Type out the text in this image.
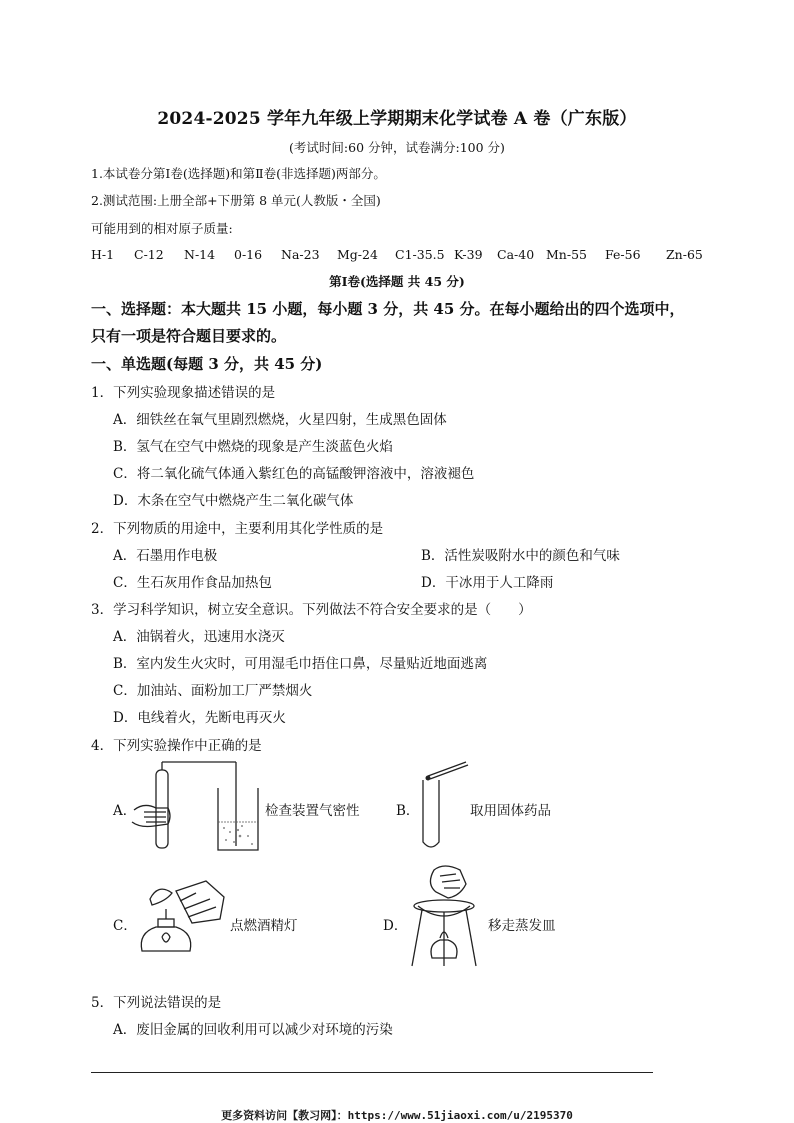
2024-2025 学年九年级上学期期末化学试卷 A 卷（广东版）
(考试时间:60 分钟，试卷满分:100 分)
1.本试卷分第Ⅰ卷(选择题)和第Ⅱ卷(非选择题)两部分。
2.测试范围:上册全部+下册第 8 单元(人教版・全国)
可能用到的相对原子质量:
H-1 C-12 N-14 0-16 Na-23 Mg-24 C1-35.5 K-39 Ca-40 Mn-55 Fe-56 Zn-65
第Ⅰ卷(选择题 共 45 分)
一、选择题：本大题共 15 小题，每小题 3 分，共 45 分。在每小题给出的四个选项中，
只有一项是符合题目要求的。
一、单选题(每题 3 分，共 45 分)
1．下列实验现象描述错误的是
A．细铁丝在氧气里剧烈燃烧，火星四射，生成黑色固体
B．氢气在空气中燃烧的现象是产生淡蓝色火焰
C．将二氧化硫气体通入紫红色的高锰酸钾溶液中，溶液褪色
D．木条在空气中燃烧产生二氧化碳气体
2．下列物质的用途中，主要利用其化学性质的是
A．石墨用作电极	B．活性炭吸附水中的颜色和气味
C．生石灰用作食品加热包	D．干冰用于人工降雨
3．学习科学知识，树立安全意识。下列做法不符合安全要求的是（　　）
A．油锅着火，迅速用水浇灭
B．室内发生火灾时，可用湿毛巾捂住口鼻，尽量贴近地面逃离
C．加油站、面粉加工厂严禁烟火
D．电线着火，先断电再灭火
4．下列实验操作中正确的是
A．	检查装置气密性	B．	取用固体药品
C．	点燃酒精灯	D．	移走蒸发皿
5．下列说法错误的是
A．废旧金属的回收利用可以减少对环境的污染
更多资料访问【教习网】：https://www.51jiaoxi.com/u/2195370
